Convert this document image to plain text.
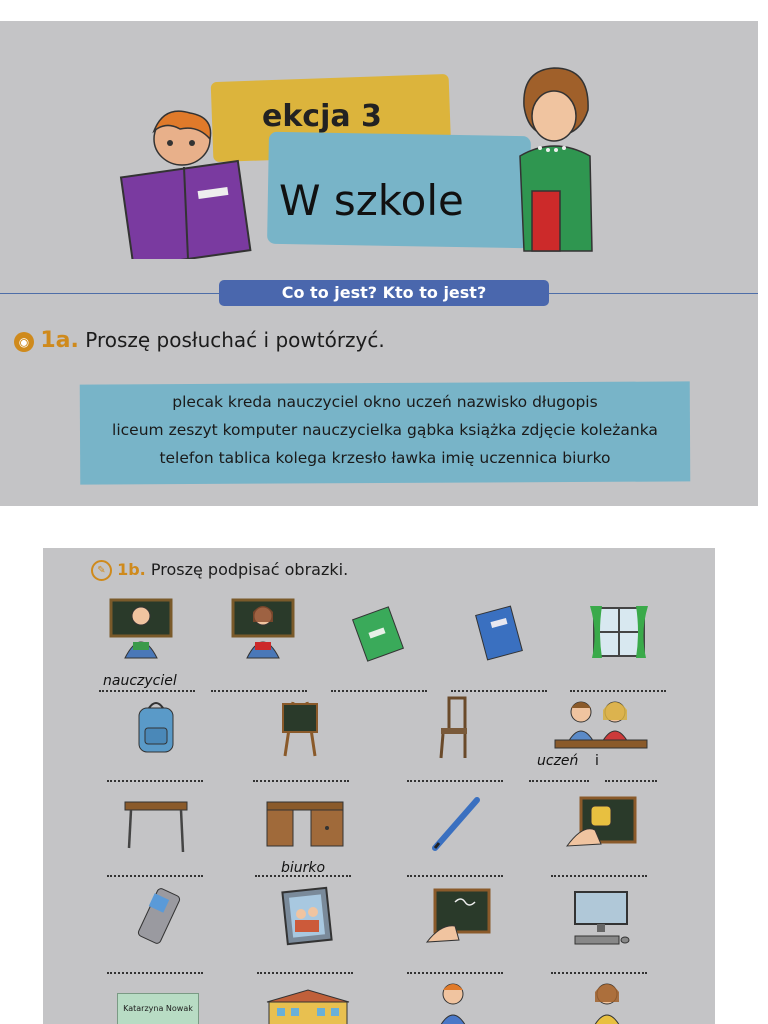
ekcja 3
W szkole
Co to jest? Kto to jest?
◉ 1a. Proszę posłuchać i powtórzyć.
plecak kreda nauczyciel okno uczeń nazwisko długopis
liceum zeszyt komputer nauczycielka gąbka książka zdjęcie koleżanka
telefon tablica kolega krzesło ławka imię uczennica biurko
✎ 1b. Proszę podpisać obrazki.
nauczyciel
uczeń i
biurko
Katarzyna Nowak
